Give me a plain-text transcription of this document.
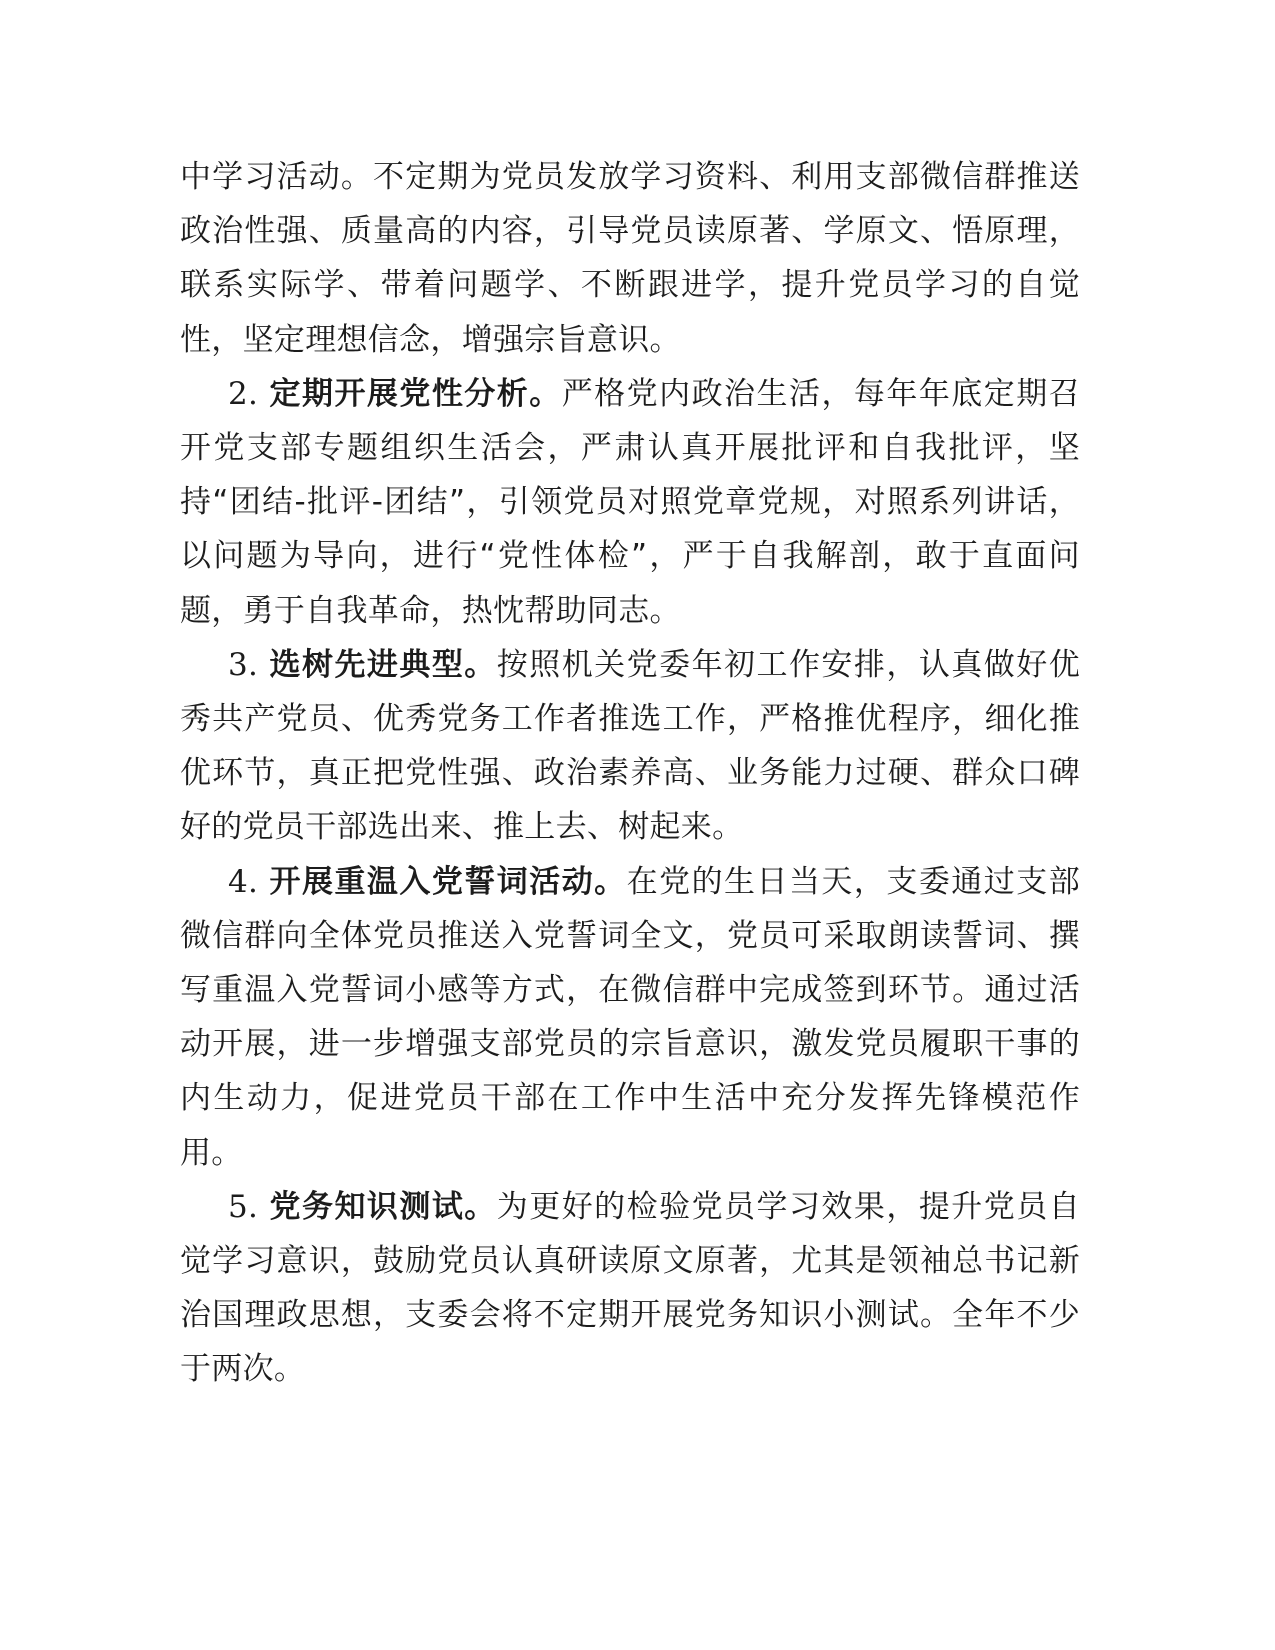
中学习活动。不定期为党员发放学习资料、利用支部微信群推送政治性强、质量高的内容，引导党员读原著、学原文、悟原理，联系实际学、带着问题学、不断跟进学，提升党员学习的自觉性，坚定理想信念，增强宗旨意识。

2. 定期开展党性分析。严格党内政治生活，每年年底定期召开党支部专题组织生活会，严肃认真开展批评和自我批评，坚持“团结-批评-团结”，引领党员对照党章党规，对照系列讲话，以问题为导向，进行“党性体检”，严于自我解剖，敢于直面问题，勇于自我革命，热忱帮助同志。

3. 选树先进典型。按照机关党委年初工作安排，认真做好优秀共产党员、优秀党务工作者推选工作，严格推优程序，细化推优环节，真正把党性强、政治素养高、业务能力过硬、群众口碑好的党员干部选出来、推上去、树起来。

4. 开展重温入党誓词活动。在党的生日当天，支委通过支部微信群向全体党员推送入党誓词全文，党员可采取朗读誓词、撰写重温入党誓词小感等方式，在微信群中完成签到环节。通过活动开展，进一步增强支部党员的宗旨意识，激发党员履职干事的内生动力，促进党员干部在工作中生活中充分发挥先锋模范作用。

5. 党务知识测试。为更好的检验党员学习效果，提升党员自觉学习意识，鼓励党员认真研读原文原著，尤其是领袖总书记新治国理政思想，支委会将不定期开展党务知识小测试。全年不少于两次。
